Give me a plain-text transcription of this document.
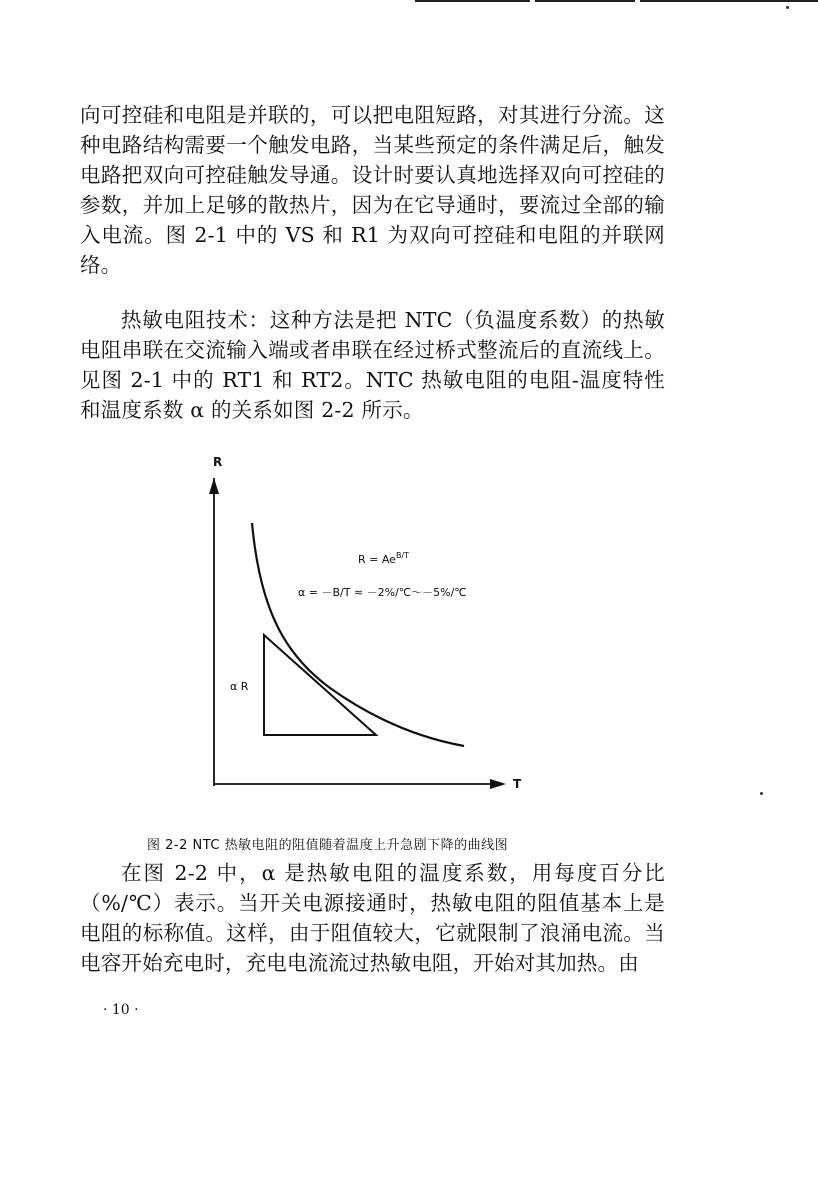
向可控硅和电阻是并联的，可以把电阻短路，对其进行分流。这种电路结构需要一个触发电路，当某些预定的条件满足后，触发电路把双向可控硅触发导通。设计时要认真地选择双向可控硅的参数，并加上足够的散热片，因为在它导通时，要流过全部的输入电流。图 2-1 中的 VS 和 R1 为双向可控硅和电阻的并联网络。

热敏电阻技术：这种方法是把 NTC（负温度系数）的热敏电阻串联在交流输入端或者串联在经过桥式整流后的直流线上。见图 2-1 中的 RT1 和 RT2。NTC 热敏电阻的电阻-温度特性和温度系数 α 的关系如图 2-2 所示。

R
T
α R
$R = Ae^{B/T}$
α = －B/T ≈ －2%/℃～－5%/℃

图 2-2 NTC 热敏电阻的阻值随着温度上升急剧下降的曲线图

在图 2-2 中，α 是热敏电阻的温度系数，用每度百分比（%/℃）表示。当开关电源接通时，热敏电阻的阻值基本上是电阻的标称值。这样，由于阻值较大，它就限制了浪涌电流。当电容开始充电时，充电电流流过热敏电阻，开始对其加热。由

· 10 ·
